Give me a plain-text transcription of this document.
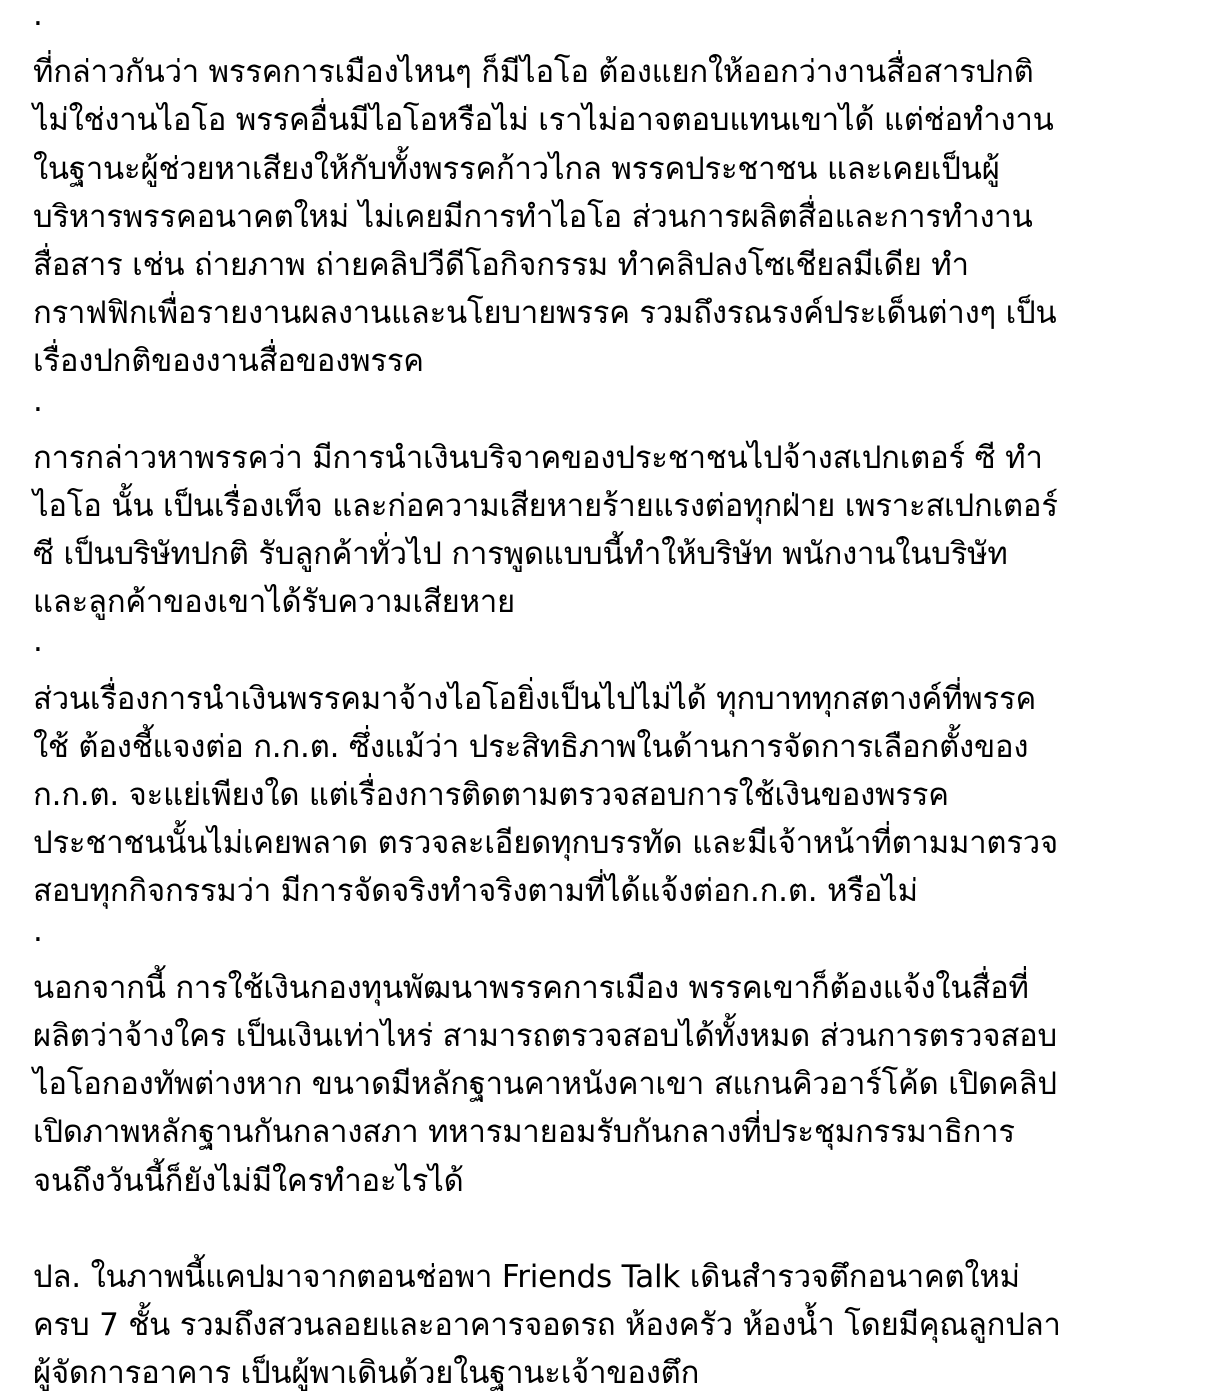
.
ที่กล่าวกันว่า พรรคการเมืองไหนๆ ก็มีไอโอ ต้องแยกให้ออกว่างานสื่อสารปกติ
ไม่ใช่งานไอโอ พรรคอื่นมีไอโอหรือไม่ เราไม่อาจตอบแทนเขาได้ แต่ช่อทำงาน
ในฐานะผู้ช่วยหาเสียงให้กับทั้งพรรคก้าวไกล พรรคประชาชน และเคยเป็นผู้
บริหารพรรคอนาคตใหม่ ไม่เคยมีการทำไอโอ ส่วนการผลิตสื่อและการทำงาน
สื่อสาร เช่น ถ่ายภาพ ถ่ายคลิปวีดีโอกิจกรรม ทำคลิปลงโซเชียลมีเดีย ทำ
กราฟฟิกเพื่อรายงานผลงานและนโยบายพรรค รวมถึงรณรงค์ประเด็นต่างๆ เป็น
เรื่องปกติของงานสื่อของพรรค
.
การกล่าวหาพรรคว่า มีการนำเงินบริจาคของประชาชนไปจ้างสเปกเตอร์ ซี ทำ
ไอโอ นั้น เป็นเรื่องเท็จ และก่อความเสียหายร้ายแรงต่อทุกฝ่าย เพราะสเปกเตอร์
ซี เป็นบริษัทปกติ รับลูกค้าทั่วไป การพูดแบบนี้ทำให้บริษัท พนักงานในบริษัท
และลูกค้าของเขาได้รับความเสียหาย
.
ส่วนเรื่องการนำเงินพรรคมาจ้างไอโอยิ่งเป็นไปไม่ได้ ทุกบาททุกสตางค์ที่พรรค
ใช้ ต้องชี้แจงต่อ ก.ก.ต. ซึ่งแม้ว่า ประสิทธิภาพในด้านการจัดการเลือกตั้งของ
ก.ก.ต. จะแย่เพียงใด แต่เรื่องการติดตามตรวจสอบการใช้เงินของพรรค
ประชาชนนั้นไม่เคยพลาด ตรวจละเอียดทุกบรรทัด และมีเจ้าหน้าที่ตามมาตรวจ
สอบทุกกิจกรรมว่า มีการจัดจริงทำจริงตามที่ได้แจ้งต่อก.ก.ต. หรือไม่
.
นอกจากนี้ การใช้เงินกองทุนพัฒนาพรรคการเมือง พรรคเขาก็ต้องแจ้งในสื่อที่
ผลิตว่าจ้างใคร เป็นเงินเท่าไหร่ สามารถตรวจสอบได้ทั้งหมด ส่วนการตรวจสอบ
ไอโอกองทัพต่างหาก ขนาดมีหลักฐานคาหนังคาเขา สแกนคิวอาร์โค้ด เปิดคลิป
เปิดภาพหลักฐานกันกลางสภา ทหารมายอมรับกันกลางที่ประชุมกรรมาธิการ
จนถึงวันนี้ก็ยังไม่มีใครทำอะไรได้
ปล. ในภาพนี้แคปมาจากตอนช่อพา Friends Talk เดินสำรวจตึกอนาคตใหม่
ครบ 7 ชั้น รวมถึงสวนลอยและอาคารจอดรถ ห้องครัว ห้องน้ำ โดยมีคุณลูกปลา
ผู้จัดการอาคาร เป็นผู้พาเดินด้วยในฐานะเจ้าของตึก
